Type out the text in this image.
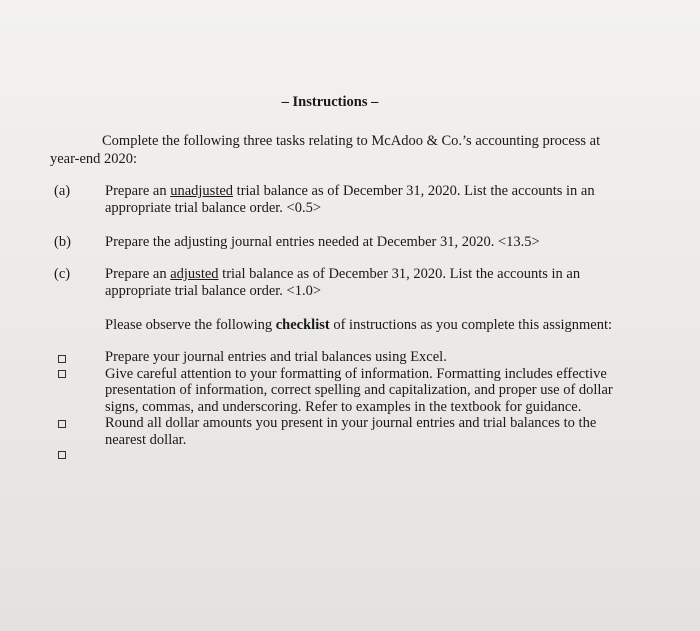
– Instructions –
Complete the following three tasks relating to McAdoo & Co.’s accounting process at
year-end 2020:
(a) Prepare an unadjusted trial balance as of December 31, 2020. List the accounts in an
appropriate trial balance order. <0.5>
(b) Prepare the adjusting journal entries needed at December 31, 2020. <13.5>
(c) Prepare an adjusted trial balance as of December 31, 2020. List the accounts in an
appropriate trial balance order. <1.0>
Please observe the following checklist of instructions as you complete this assignment:

Prepare your journal entries and trial balances using Excel.

Give careful attention to your formatting of information. Formatting includes effective

presentation of information, correct spelling and capitalization, and proper use of dollar

signs, commas, and underscoring. Refer to examples in the textbook for guidance.

Round all dollar amounts you present in your journal entries and trial balances to the

nearest dollar.
